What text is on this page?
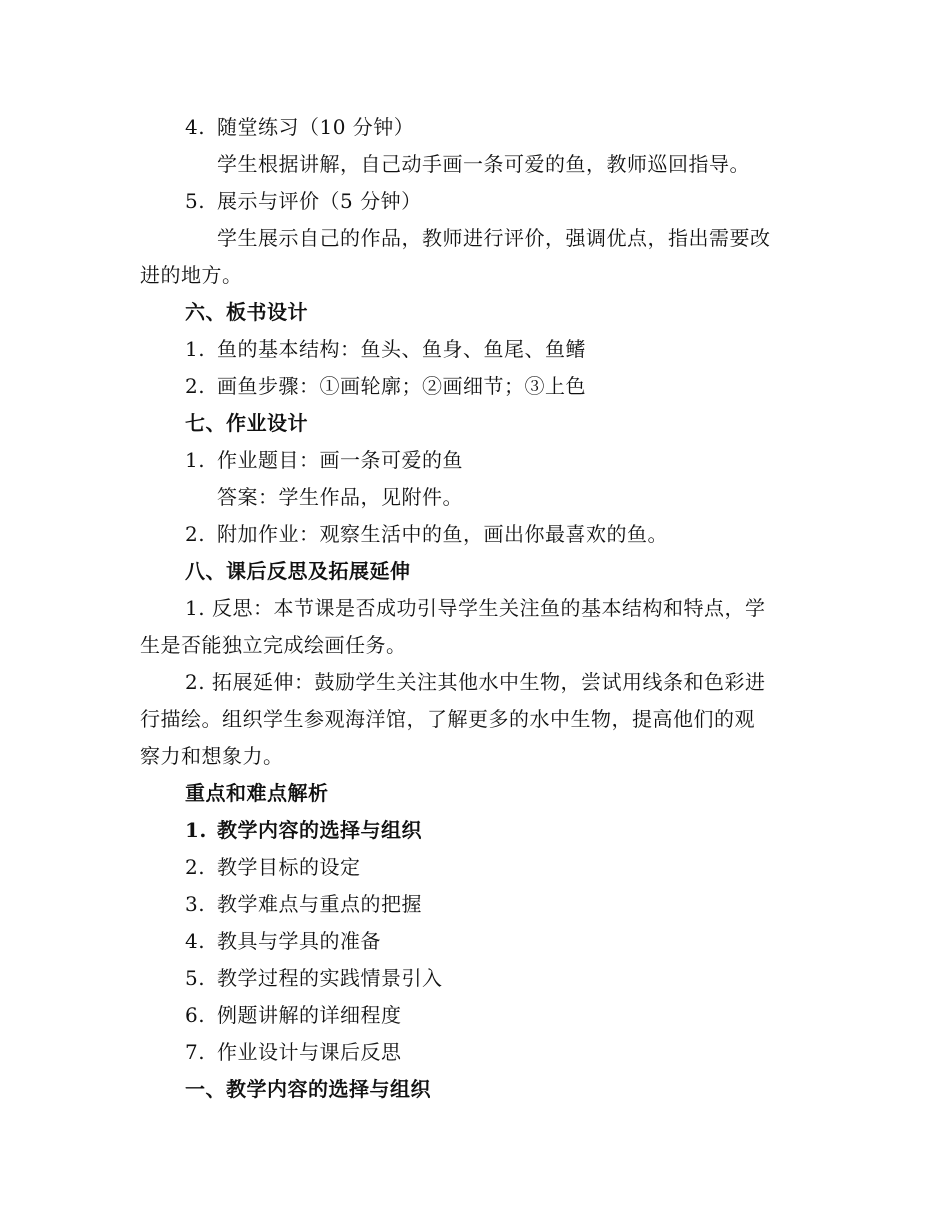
4. 随堂练习（10 分钟）
学生根据讲解，自己动手画一条可爱的鱼，教师巡回指导。
5. 展示与评价（5 分钟）
学生展示自己的作品，教师进行评价，强调优点，指出需要改
进的地方。
六、板书设计
1. 鱼的基本结构：鱼头、鱼身、鱼尾、鱼鳍
2. 画鱼步骤：①画轮廓；②画细节；③上色
七、作业设计
1. 作业题目：画一条可爱的鱼
答案：学生作品，见附件。
2. 附加作业：观察生活中的鱼，画出你最喜欢的鱼。
八、课后反思及拓展延伸
1. 反思：本节课是否成功引导学生关注鱼的基本结构和特点，学
生是否能独立完成绘画任务。
2. 拓展延伸：鼓励学生关注其他水中生物，尝试用线条和色彩进
行描绘。组织学生参观海洋馆，了解更多的水中生物，提高他们的观
察力和想象力。
重点和难点解析
1. 教学内容的选择与组织
2. 教学目标的设定
3. 教学难点与重点的把握
4. 教具与学具的准备
5. 教学过程的实践情景引入
6. 例题讲解的详细程度
7. 作业设计与课后反思
一、教学内容的选择与组织
